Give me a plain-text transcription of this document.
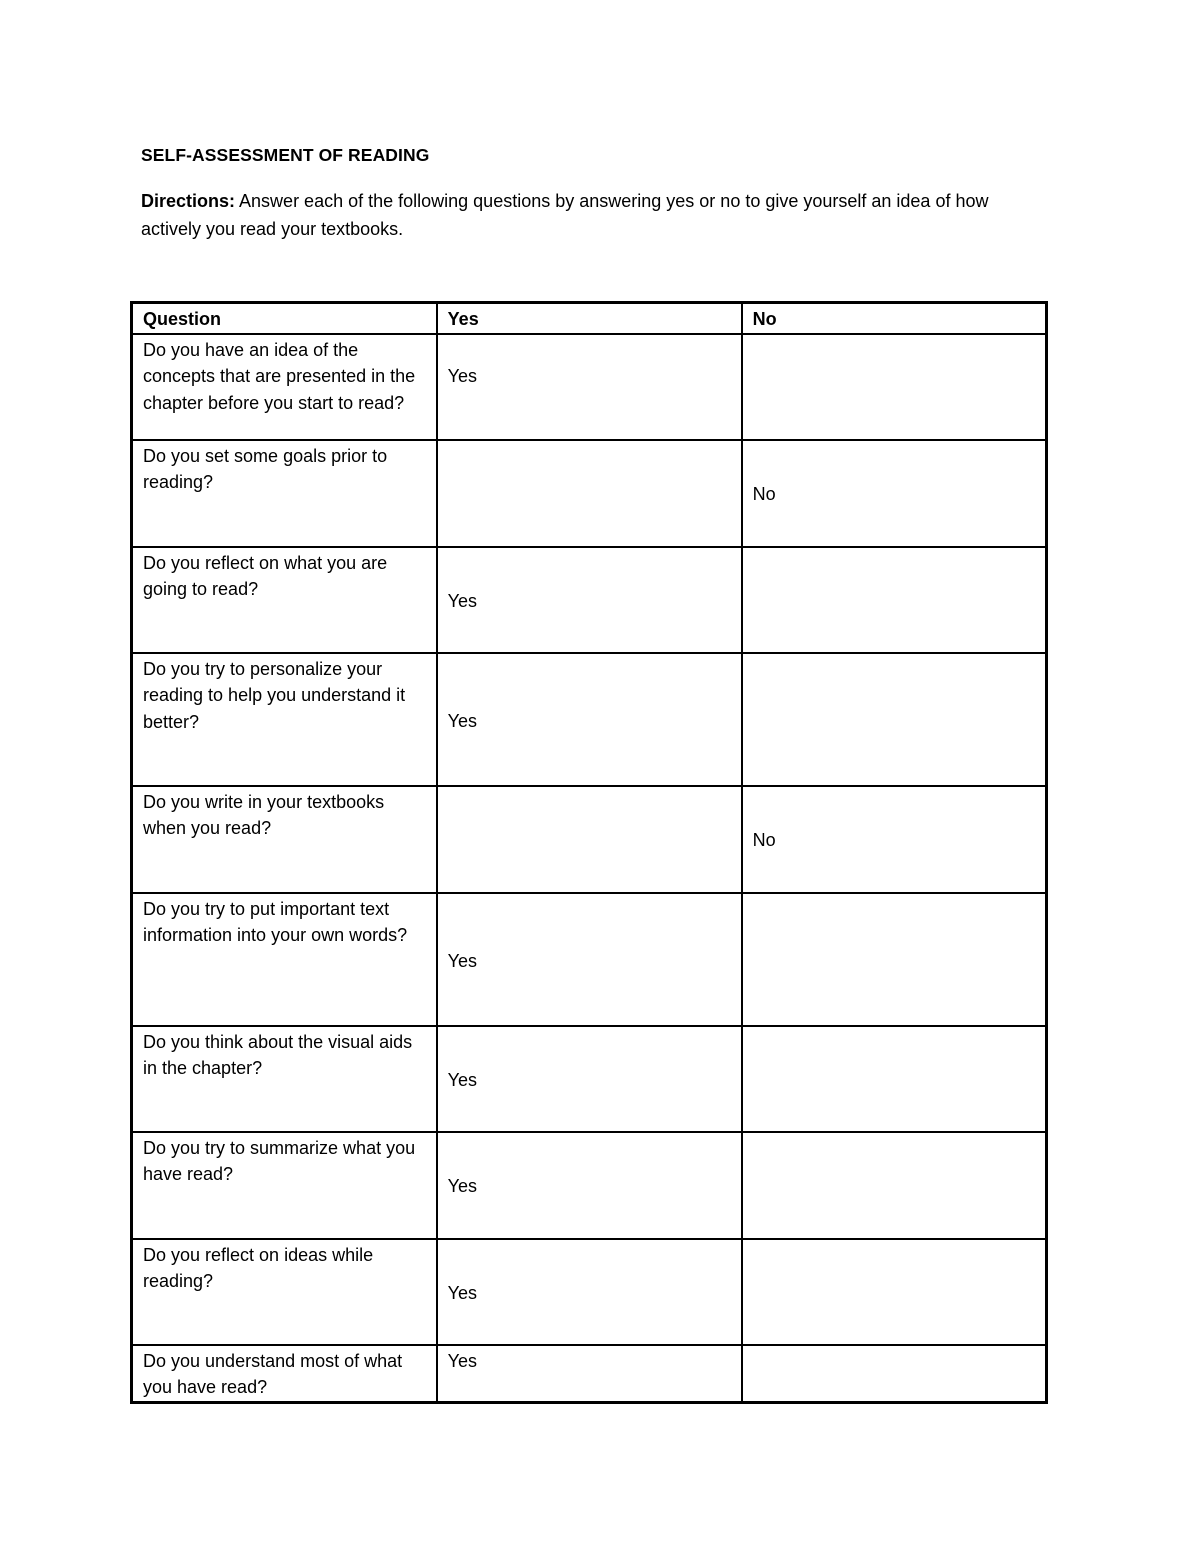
SELF-ASSESSMENT OF READING
Directions: Answer each of the following questions by answering yes or no to give yourself an idea of how actively you read your textbooks.
Question	Yes	No
Do you have an idea of the concepts that are presented in the chapter before you start to read?	Yes	

Do you set some goals prior to reading?		No

Do you reflect on what you are going to read?	Yes	

Do you try to personalize your reading to help you understand it better?	Yes	

Do you write in your textbooks when you read?		No

Do you try to put important text information into your own words?	Yes	

Do you think about the visual aids in the chapter?	Yes	

Do you try to summarize what you have read?	Yes	

Do you reflect on ideas while reading?	Yes	

Do you understand most of what you have read?	Yes	
